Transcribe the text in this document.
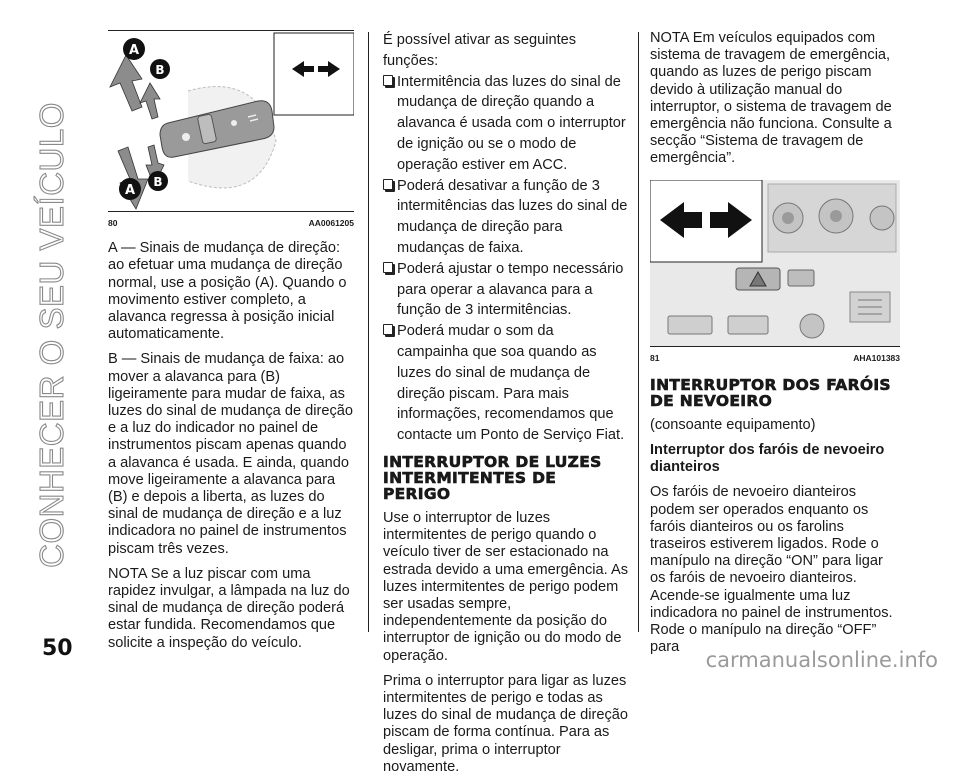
CONHECER O SEU VEÍCULO
A
B
A
B
80	AA0061205

A — Sinais de mudança de direção: ao efetuar uma mudança de direção normal, use a posição (A). Quando o movimento estiver completo, a alavanca regressa à posição inicial automaticamente.

B — Sinais de mudança de faixa: ao mover a alavanca para (B) ligeiramente para mudar de faixa, as luzes do sinal de mudança de direção e a luz do indicador no painel de instrumentos piscam apenas quando a alavanca é usada. E ainda, quando move ligeiramente a alavanca para (B) e depois a liberta, as luzes do sinal de mudança de direção e a luz indicadora no painel de instrumentos piscam três vezes.

NOTA Se a luz piscar com uma rapidez invulgar, a lâmpada na luz do sinal de mudança de direção poderá estar fundida. Recomendamos que solicite a inspeção do veículo.

É possível ativar as seguintes funções:

Intermitência das luzes do sinal de mudança de direção quando a alavanca é usada com o interruptor de ignição ou se o modo de operação estiver em ACC.

Poderá desativar a função de 3 intermitências das luzes do sinal de mudança de direção para mudanças de faixa.

Poderá ajustar o tempo necessário para operar a alavanca para a função de 3 intermitências.

Poderá mudar o som da campainha que soa quando as luzes do sinal de mudança de direção piscam. Para mais informações, recomendamos que contacte um Ponto de Serviço Fiat.

INTERRUPTOR DE LUZES INTERMITENTES DE PERIGO

Use o interruptor de luzes intermitentes de perigo quando o veículo tiver de ser estacionado na estrada devido a uma emergência. As luzes intermitentes de perigo podem ser usadas sempre, independentemente da posição do interruptor de ignição ou do modo de operação.

Prima o interruptor para ligar as luzes intermitentes de perigo e todas as luzes do sinal de mudança de direção piscam de forma contínua. Para as desligar, prima o interruptor novamente.

NOTA Em veículos equipados com sistema de travagem de emergência, quando as luzes de perigo piscam devido à utilização manual do interruptor, o sistema de travagem de emergência não funciona. Consulte a secção “Sistema de travagem de emergência”.

81	AHA101383
INTERRUPTOR DOS FARÓIS DE NEVOEIRO

(consoante equipamento)

Interruptor dos faróis de nevoeiro dianteiros

Os faróis de nevoeiro dianteiros podem ser operados enquanto os faróis dianteiros ou os farolins traseiros estiverem ligados. Rode o manípulo na direção “ON” para ligar os faróis de nevoeiro dianteiros. Acende-se igualmente uma luz indicadora no painel de instrumentos. Rode o manípulo na direção “OFF” para

50	carmanualsonline.info
